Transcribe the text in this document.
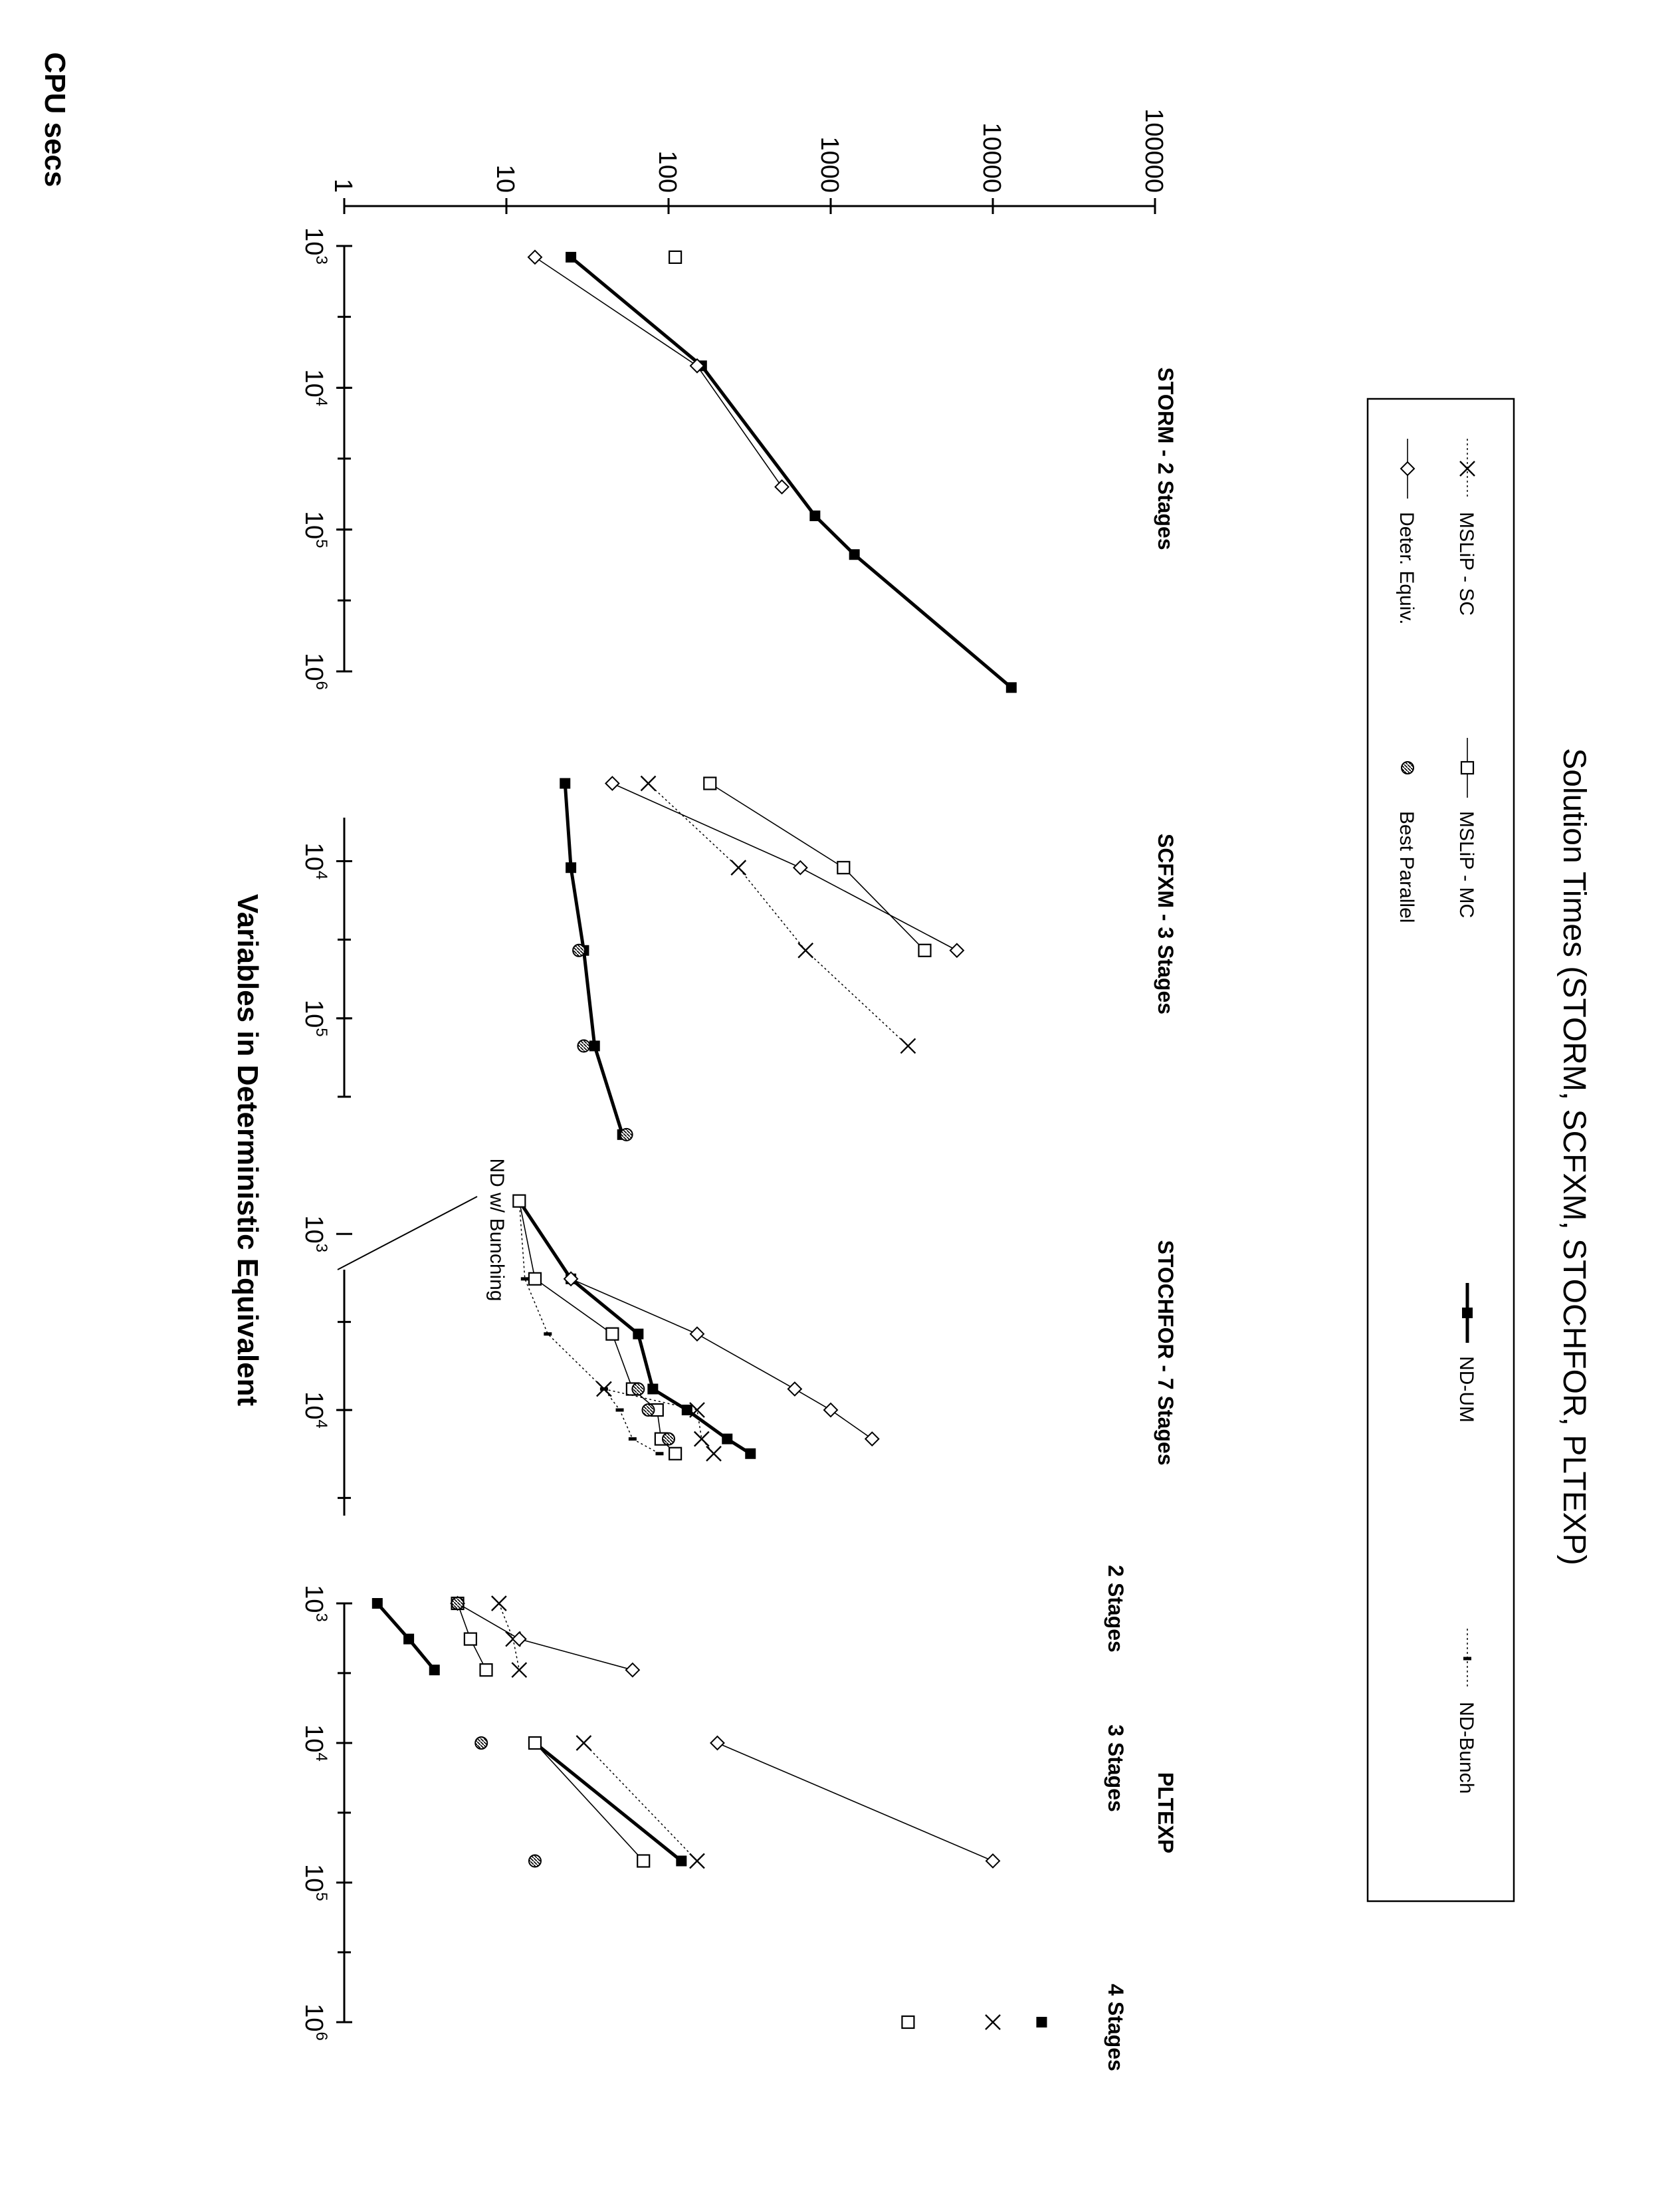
Solution Times (STORM, SCFXM, STOCHFOR, PLTEXP)
CPU secs
Variables in Deterministic Equivalent
MSLiP - SC
MSLiP - MC
ND-UM
ND-Bunch
Deter. Equiv.
Best Parallel
1	10	100	1000	10000	100000
$10^3$
$10^4$
$10^5$
$10^6$
STORM - 2 Stages
$10^4$
$10^5$
SCFXM - 3 Stages
$10^3$
$10^4$	STOCHFOR - 7 Stages
ND w/ Bunching
$10^3$
$10^4$
$10^5$
$10^6$
PLTEXP
2 Stages
3 Stages
4 Stages
